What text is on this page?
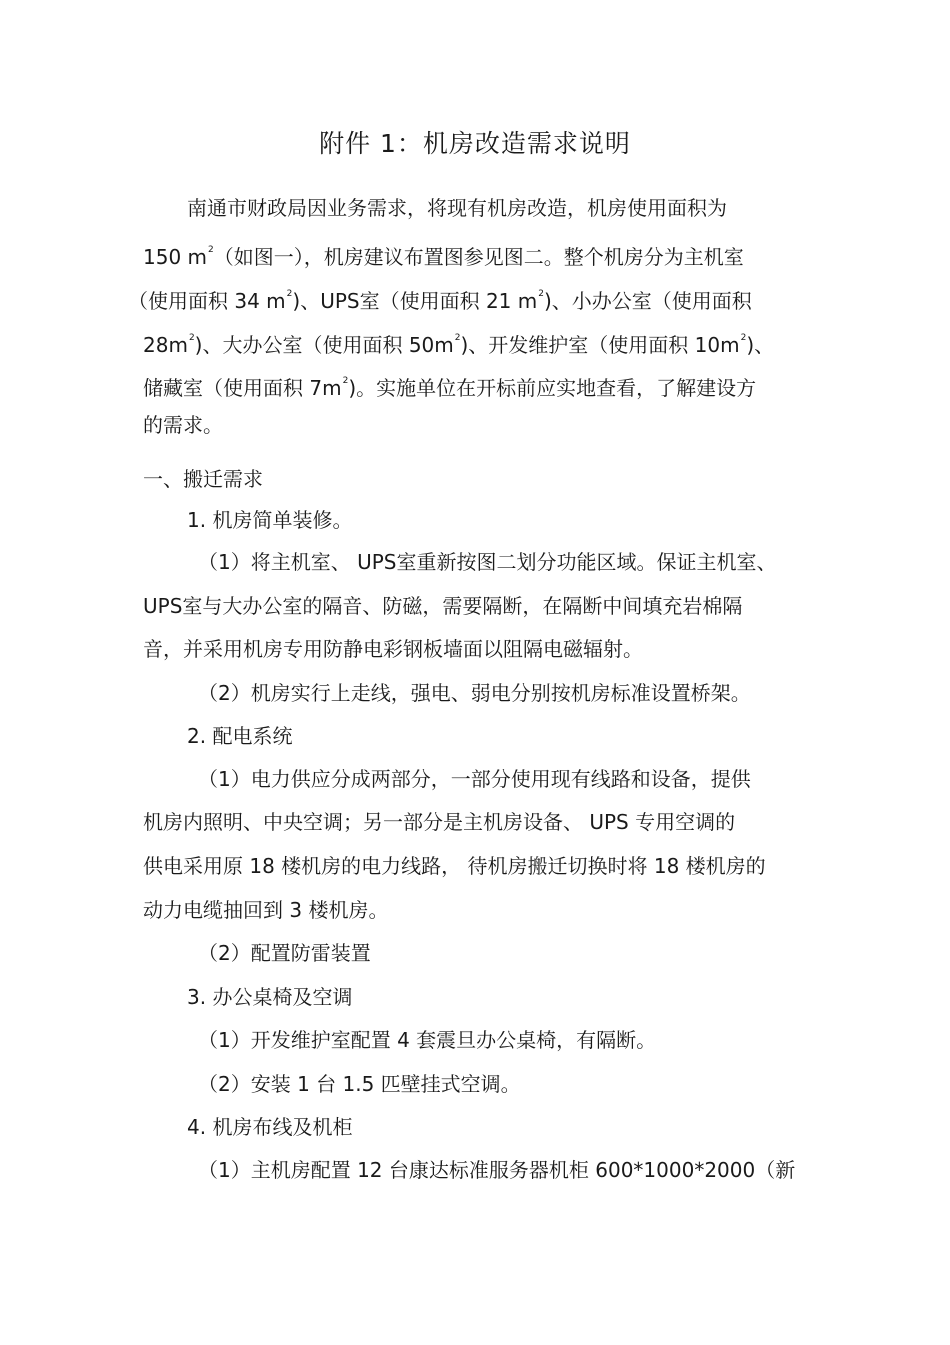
附件 1：机房改造需求说明
南通市财政局因业务需求，将现有机房改造，机房使用面积为
150 $m^2$（如图一），机房建议布置图参见图二。整个机房分为主机室
（使用面积 34 $m^2$)、UPS室（使用面积 21 $m^2$)、小办公室（使用面积
$28m^2$)、大办公室（使用面积 $50m^2$)、开发维护室（使用面积 $10m^2$)、
储藏室（使用面积 $7m^2$)。实施单位在开标前应实地查看，了解建设方
的需求。
一、搬迁需求
1. 机房简单装修。
（1）将主机室、 UPS室重新按图二划分功能区域。保证主机室、
UPS室与大办公室的隔音、防磁，需要隔断，在隔断中间填充岩棉隔
音，并采用机房专用防静电彩钢板墙面以阻隔电磁辐射。
（2）机房实行上走线，强电、弱电分别按机房标准设置桥架。
2. 配电系统
（1）电力供应分成两部分，一部分使用现有线路和设备，提供
机房内照明、中央空调；另一部分是主机房设备、 UPS 专用空调的
供电采用原 18 楼机房的电力线路， 待机房搬迁切换时将 18 楼机房的
动力电缆抽回到 3 楼机房。
（2）配置防雷装置
3. 办公桌椅及空调
（1）开发维护室配置 4 套震旦办公桌椅，有隔断。
（2）安装 1 台 1.5 匹壁挂式空调。
4. 机房布线及机柜
（1）主机房配置 12 台康达标准服务器机柜 600*1000*2000（新
